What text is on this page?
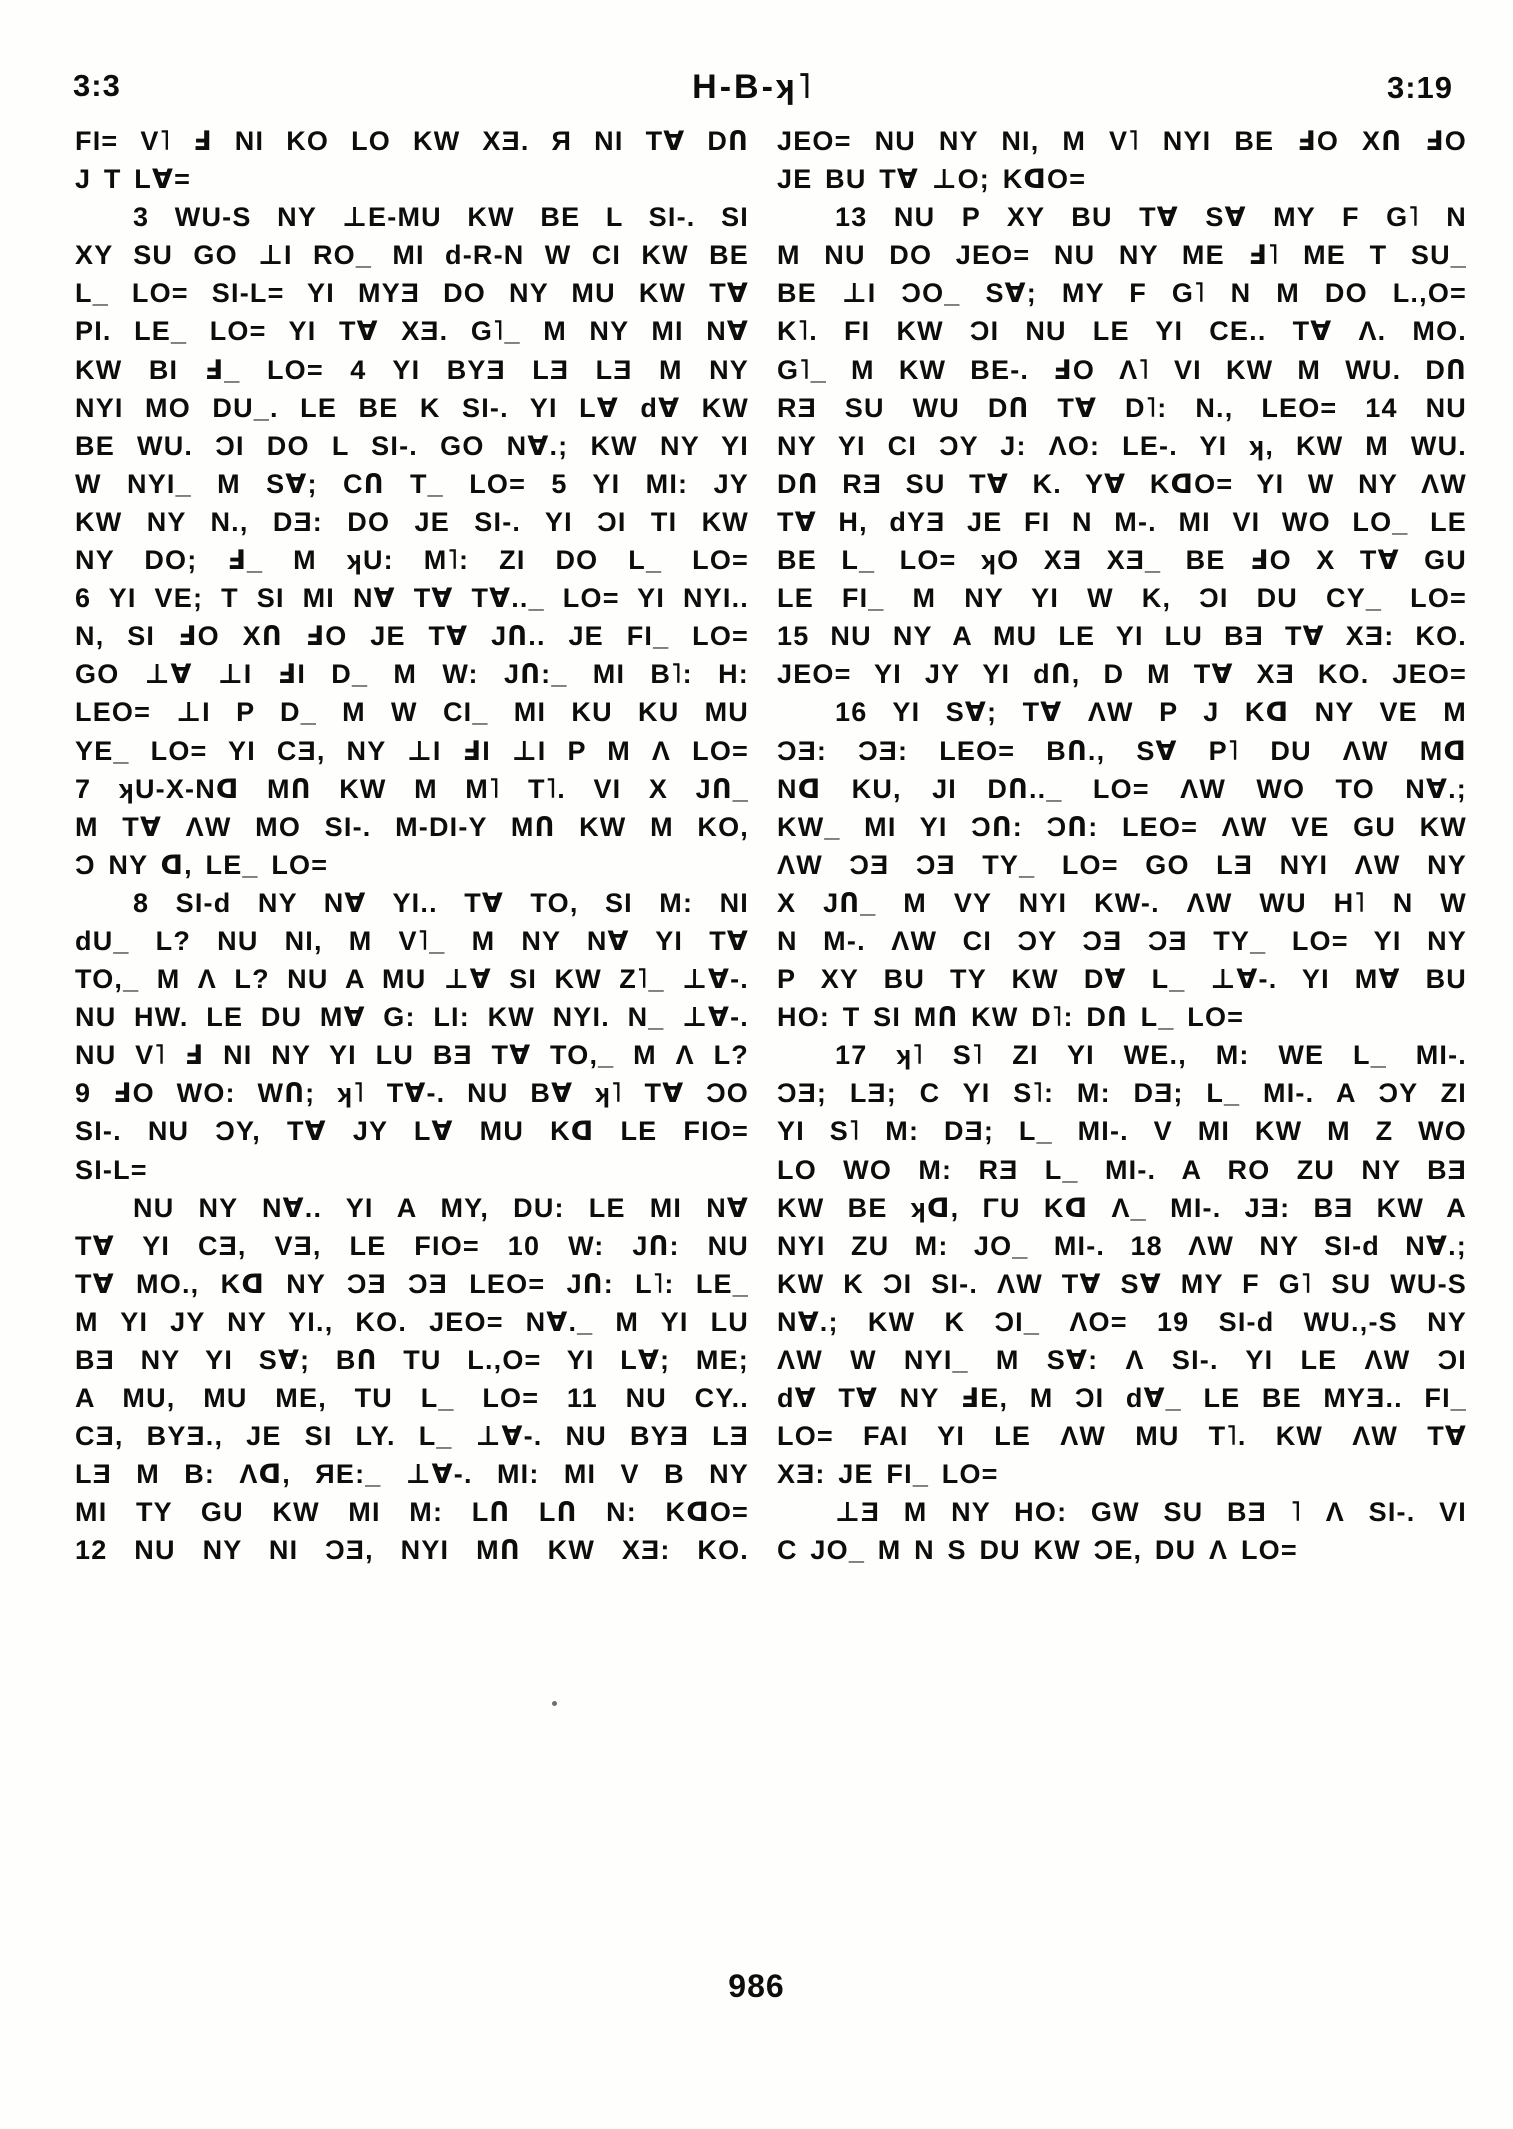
3:3	H-B-ʞ˥	3:19
FI= V˥ Ⅎ NI KO LO KW XƎ. Я NI TⱯ DՈ
J T LⱯ=
3 WU-S NY ⊥E-MU KW BE L SI-. SI
XY SU GO ⊥I RO_ MI d-R-N W CI KW BE
L_ LO= SI-L= YI MYƎ DO NY MU KW TⱯ
PI. LE_ LO= YI TⱯ XƎ. G˥_ M NY MI NⱯ
KW BI Ⅎ_ LO= 4 YI BYƎ LƎ LƎ M NY
NYI MO DU_. LE BE K SI-. YI LⱯ dⱯ KW
BE WU. ƆI DO L SI-. GO NⱯ.; KW NY YI
W NYI_ M SⱯ; CՈ T_ LO= 5 YI MI: JY
KW NY N., DƎ: DO JE SI-. YI ƆI TI KW
NY DO; Ⅎ_ M ʞU: M˥: ZI DO L_ LO=
6 YI VE; T SI MI NⱯ TⱯ TⱯ.._ LO= YI NYI..
N, SI ℲO XՈ ℲO JE TⱯ JՈ.. JE FI_ LO=
GO ⊥Ɐ ⊥I ℲI D_ M W: JՈ:_ MI B˥: H:
LEO= ⊥I P D_ M W CI_ MI KU KU MU
YE_ LO= YI CƎ, NY ⊥I ℲI ⊥I P M Λ LO=
7 ʞU-X-Nᗡ MՈ KW M M˥ T˥. VI X JՈ_
M TⱯ ΛW MO SI-. M-DI-Y MՈ KW M KO,
Ɔ NY ᗡ, LE_ LO=
8 SI-d NY NⱯ YI.. TⱯ TO, SI M: NI
dU_ L? NU NI, M V˥_ M NY NⱯ YI TⱯ
TO,_ M Λ L? NU A MU ⊥Ɐ SI KW Z˥_ ⊥Ɐ-.
NU HW. LE DU MⱯ G: LI: KW NYI. N_ ⊥Ɐ-.
NU V˥ Ⅎ NI NY YI LU BƎ TⱯ TO,_ M Λ L?
9 ℲO WO: WՈ; ʞ˥ TⱯ-. NU BⱯ ʞ˥ TⱯ ƆO
SI-. NU ƆY, TⱯ JY LⱯ MU Kᗡ LE FIO=
SI-L=
NU NY NⱯ.. YI A MY, DU: LE MI NⱯ
TⱯ YI CƎ, VƎ, LE FIO= 10 W: JՈ: NU
TⱯ MO., Kᗡ NY ƆƎ ƆƎ LEO= JՈ: L˥: LE_
M YI JY NY YI., KO. JEO= NⱯ._ M YI LU
BƎ NY YI SⱯ; BՈ TU L.,O= YI LⱯ; ME;
A MU, MU ME, TU L_ LO= 11 NU CY..
CƎ, BYƎ., JE SI LY. L_ ⊥Ɐ-. NU BYƎ LƎ
LƎ M B: Λᗡ, ЯE:_ ⊥Ɐ-. MI: MI V B NY
MI TY GU KW MI M: LՈ LՈ N: KᗡO=
12 NU NY NI ƆƎ, NYI MՈ KW XƎ: KO.
JEO= NU NY NI, M V˥ NYI BE ℲO XՈ ℲO
JE BU TⱯ ⊥O; KᗡO=
13 NU P XY BU TⱯ SⱯ MY F G˥ N
M NU DO JEO= NU NY ME Ⅎ˥ ME T SU_
BE ⊥I ƆO_ SⱯ; MY F G˥ N M DO L.,O=
K˥. FI KW ƆI NU LE YI CE.. TⱯ Λ. MO.
G˥_ M KW BE-. ℲO Λ˥ VI KW M WU. DՈ
RƎ SU WU DՈ TⱯ D˥: N., LEO= 14 NU
NY YI CI ƆY J: ΛO: LE-. YI ʞ, KW M WU.
DՈ RƎ SU TⱯ K. YⱯ KᗡO= YI W NY ΛW
TⱯ H, dYƎ JE FI N M-. MI VI WO LO_ LE
BE L_ LO= ʞO XƎ XƎ_ BE ℲO X TⱯ GU
LE FI_ M NY YI W K, ƆI DU CY_ LO=
15 NU NY A MU LE YI LU BƎ TⱯ XƎ: KO.
JEO= YI JY YI dՈ, D M TⱯ XƎ KO. JEO=
16 YI SⱯ; TⱯ ΛW P J Kᗡ NY VE M
ƆƎ: ƆƎ: LEO= BՈ., SⱯ P˥ DU ΛW Mᗡ
Nᗡ KU, JI DՈ.._ LO= ΛW WO TO NⱯ.;
KW_ MI YI ƆՈ: ƆՈ: LEO= ΛW VE GU KW
ΛW ƆƎ ƆƎ TY_ LO= GO LƎ NYI ΛW NY
X JՈ_ M VY NYI KW-. ΛW WU H˥ N W
N M-. ΛW CI ƆY ƆƎ ƆƎ TY_ LO= YI NY
P XY BU TY KW DⱯ L_ ⊥Ɐ-. YI MⱯ BU
HO: T SI MՈ KW D˥: DՈ L_ LO=
17 ʞ˥ S˥ ZI YI WE., M: WE L_ MI-.
ƆƎ; LƎ; C YI S˥: M: DƎ; L_ MI-. A ƆY ZI
YI S˥ M: DƎ; L_ MI-. V MI KW M Z WO
LO WO M: RƎ L_ MI-. A RO ZU NY BƎ
KW BE ʞᗡ, ΓU Kᗡ Λ_ MI-. JƎ: BƎ KW A
NYI ZU M: JO_ MI-. 18 ΛW NY SI-d NⱯ.;
KW K ƆI SI-. ΛW TⱯ SⱯ MY F G˥ SU WU-S
NⱯ.; KW K ƆI_ ΛO= 19 SI-d WU.,-S NY
ΛW W NYI_ M SⱯ: Λ SI-. YI LE ΛW ƆI
dⱯ TⱯ NY ℲE, M ƆI dⱯ_ LE BE MYƎ.. FI_
LO= FAI YI LE ΛW MU T˥. KW ΛW TⱯ
XƎ: JE FI_ LO=
⊥Ǝ M NY HO: GW SU BƎ ˥ Λ SI-. VI
C JO_ M N S DU KW ƆE, DU Λ LO=
986
